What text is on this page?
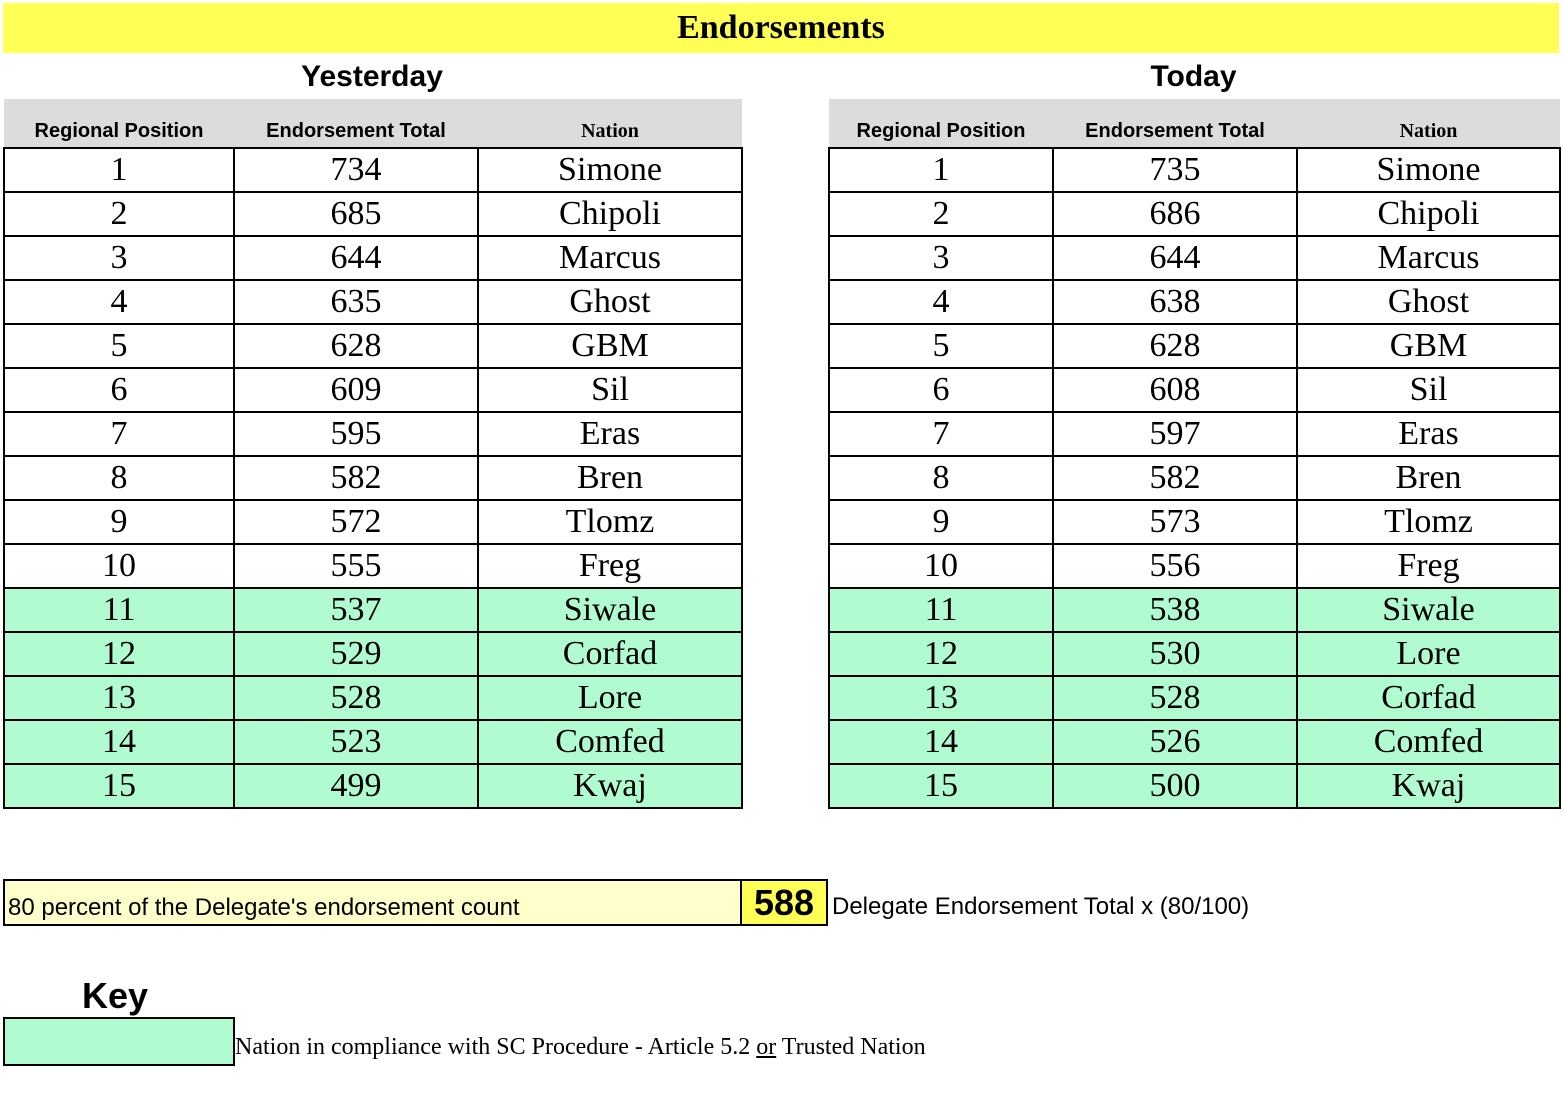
Endorsements
Yesterday	Today
Regional Position	Endorsement Total	Nation
1	734	Simone
2	685	Chipoli
3	644	Marcus
4	635	Ghost
5	628	GBM
6	609	Sil
7	595	Eras
8	582	Bren
9	572	Tlomz
10	555	Freg
11	537	Siwale
12	529	Corfad
13	528	Lore
14	523	Comfed
15	499	Kwaj
Regional Position	Endorsement Total	Nation
1	735	Simone
2	686	Chipoli
3	644	Marcus
4	638	Ghost
5	628	GBM
6	608	Sil
7	597	Eras
8	582	Bren
9	573	Tlomz
10	556	Freg
11	538	Siwale
12	530	Lore
13	528	Corfad
14	526	Comfed
15	500	Kwaj
80 percent of the Delegate's endorsement count	588 Delegate Endorsement Total x (80/100)
Key
Nation in compliance with SC Procedure - Article 5.2 or Trusted Nation
